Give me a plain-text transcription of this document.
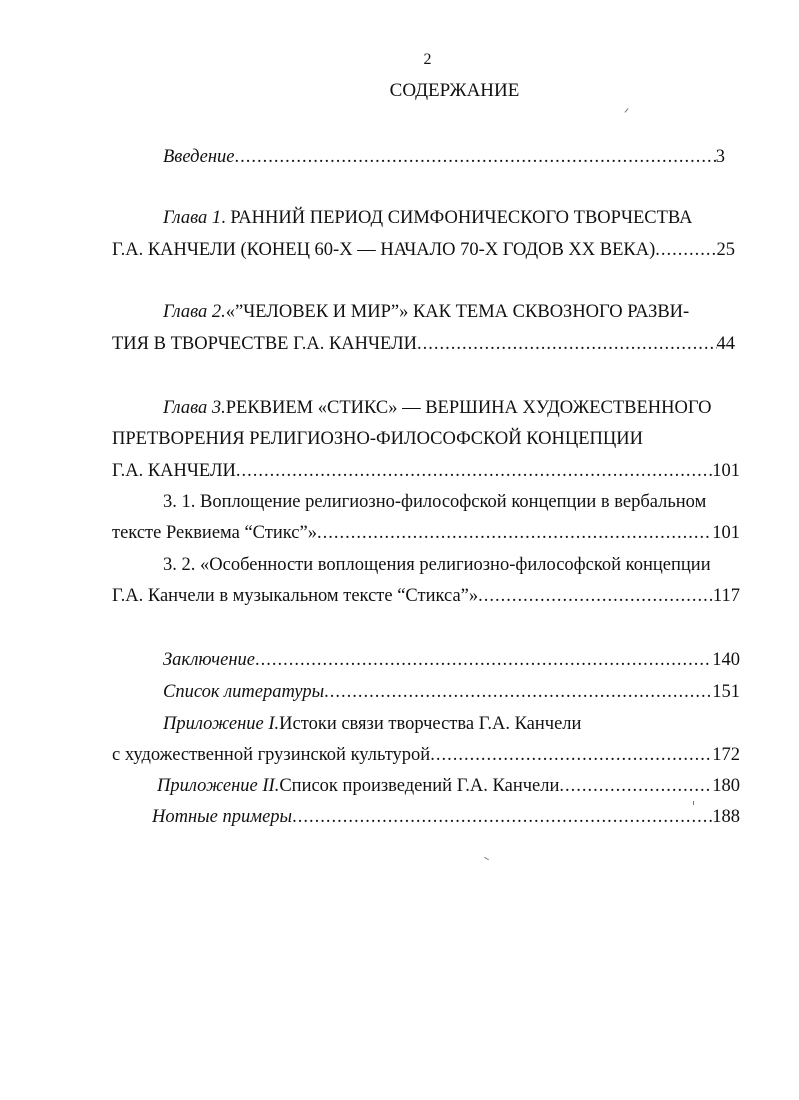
2
СОДЕРЖАНИЕ
Введение .....	3
Глава 1 . РАННИЙ ПЕРИОД СИМФОНИЧЕСКОГО ТВОРЧЕСТВА
Г.А. КАНЧЕЛИ (КОНЕЦ 60-Х — НАЧАЛО 70-Х ГОДОВ XX ВЕКА) .....	25
Глава 2. «”ЧЕЛОВЕК И МИР”» КАК ТЕМА СКВОЗНОГО РАЗВИ-
ТИЯ В ТВОРЧЕСТВЕ Г.А. КАНЧЕЛИ .....	44
Глава 3. РЕКВИЕМ «СТИКС» — ВЕРШИНА ХУДОЖЕСТВЕННОГО
ПРЕТВОРЕНИЯ РЕЛИГИОЗНО-ФИЛОСОФСКОЙ КОНЦЕПЦИИ
Г.А. КАНЧЕЛИ .....	101
3. 1. Воплощение религиозно-философской концепции в вербальном
тексте Реквиема “Стикс”» .....	101
3. 2. «Особенности воплощения религиозно-философской концепции
Г.А. Канчели в музыкальном тексте “Стикса”» .....	117
Заключение .....	140
Список литературы .....	151
Приложение I. Истоки связи творчества Г.А. Канчели
с художественной грузинской культурой .....	172
Приложение II. Список произведений Г.А. Канчели .....	180
Нотные примеры .....	188
